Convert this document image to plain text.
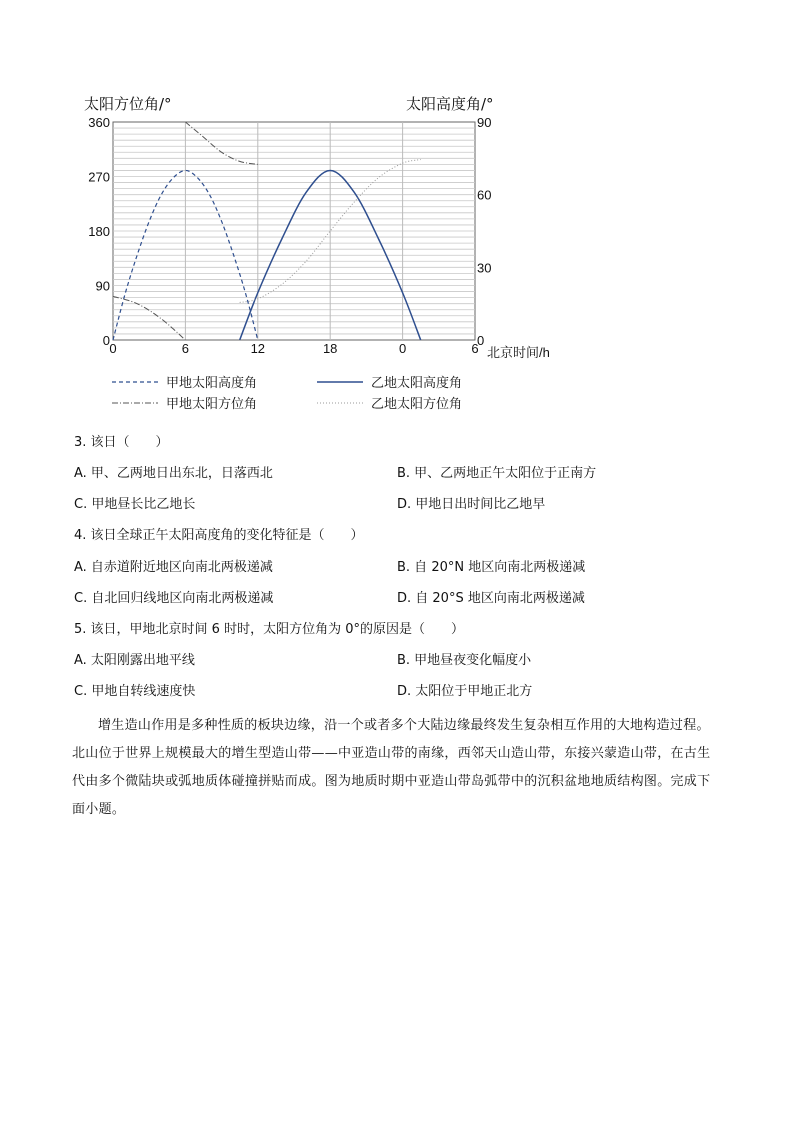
太阳方位角/°	太阳高度角/°
0	6	12	18	0	6 北京时间/h
360
270
180
90
0
90
60
30
0
甲地太阳高度角	乙地太阳高度角
甲地太阳方位角	乙地太阳方位角
3. 该日（　　）
A. 甲、乙两地日出东北，日落西北	B. 甲、乙两地正午太阳位于正南方
C. 甲地昼长比乙地长	D. 甲地日出时间比乙地早
4. 该日全球正午太阳高度角的变化特征是（　　）
A. 自赤道附近地区向南北两极递减	B. 自 20°N 地区向南北两极递减
C. 自北回归线地区向南北两极递减	D. 自 20°S 地区向南北两极递减
5. 该日，甲地北京时间 6 时时，太阳方位角为 0°的原因是（　　）
A. 太阳刚露出地平线	B. 甲地昼夜变化幅度小
C. 甲地自转线速度快	D. 太阳位于甲地正北方
增生造山作用是多种性质的板块边缘，沿一个或者多个大陆边缘最终发生复杂相互作用的大地构造过程。北山位于世界上规模最大的增生型造山带——中亚造山带的南缘，西邻天山造山带，东接兴蒙造山带，在古生代由多个微陆块或弧地质体碰撞拼贴而成。图为地质时期中亚造山带岛弧带中的沉积盆地地质结构图。完成下面小题。
